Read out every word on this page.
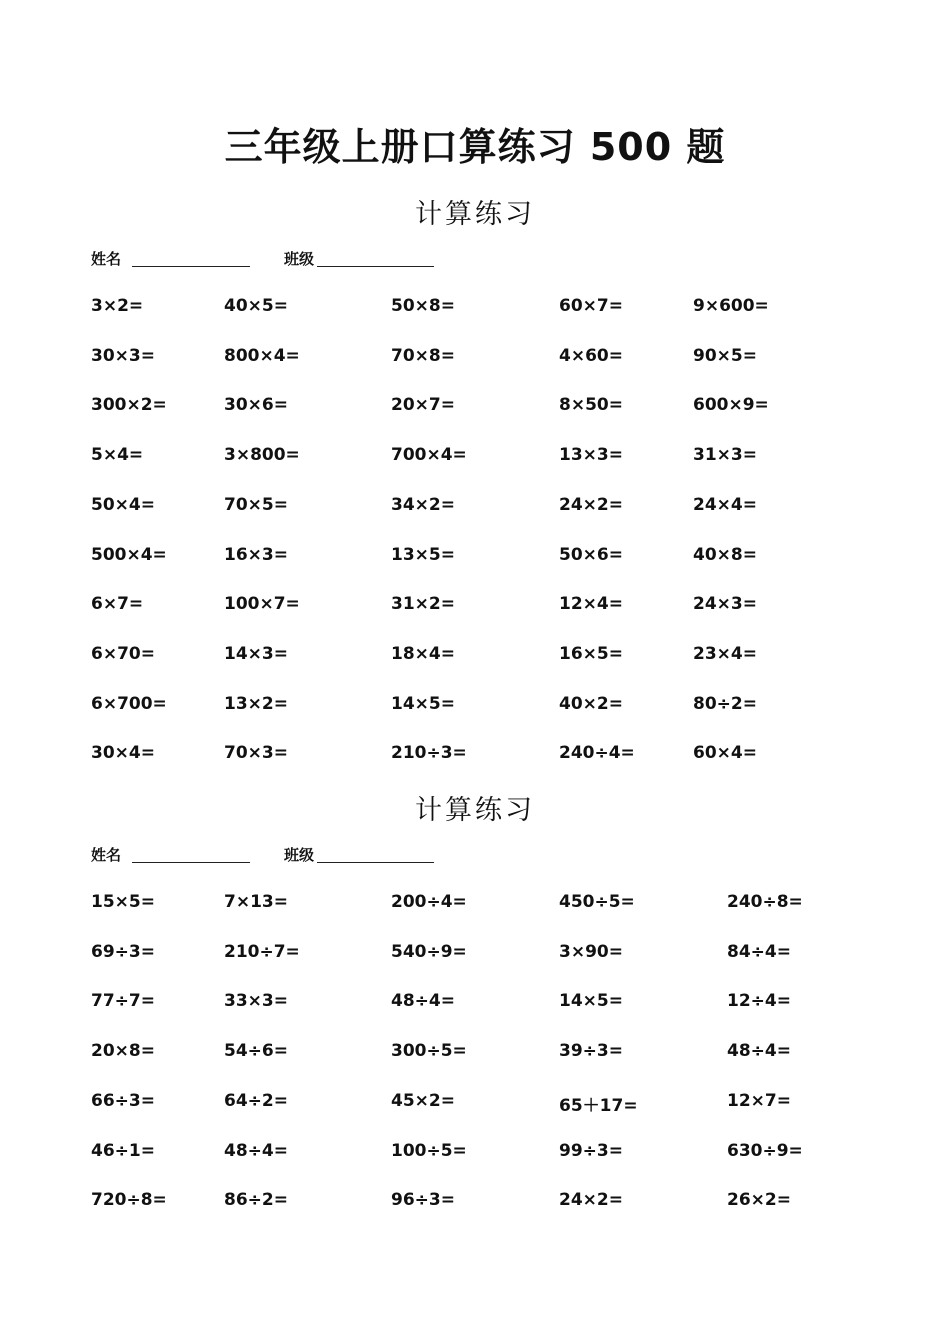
三年级上册口算练习 500 题
计算练习
姓名	班级
3×2=	40×5=	50×8=	60×7=	9×600=
30×3=	800×4=	70×8=	4×60=	90×5=
300×2=	30×6=	20×7=	8×50=	600×9=
5×4=	3×800=	700×4=	13×3=	31×3=
50×4=	70×5=	34×2=	24×2=	24×4=
500×4=	16×3=	13×5=	50×6=	40×8=
6×7=	100×7=	31×2=	12×4=	24×3=
6×70=	14×3=	18×4=	16×5=	23×4=
6×700=	13×2=	14×5=	40×2=	80÷2=
30×4=	70×3=	210÷3=	240÷4=	60×4=
计算练习
姓名	班级
15×5=	7×13=	200÷4=	450÷5=	240÷8=
69÷3=	210÷7=	540÷9=	3×90=	84÷4=
77÷7=	33×3=	48÷4=	14×5=	12÷4=
20×8=	54÷6=	300÷5=	39÷3=	48÷4=
66÷3=	64÷2=	45×2=	65＋17=	12×7=
46÷1=	48÷4=	100÷5=	99÷3=	630÷9=
720÷8=	86÷2=	96÷3=	24×2=	26×2=
